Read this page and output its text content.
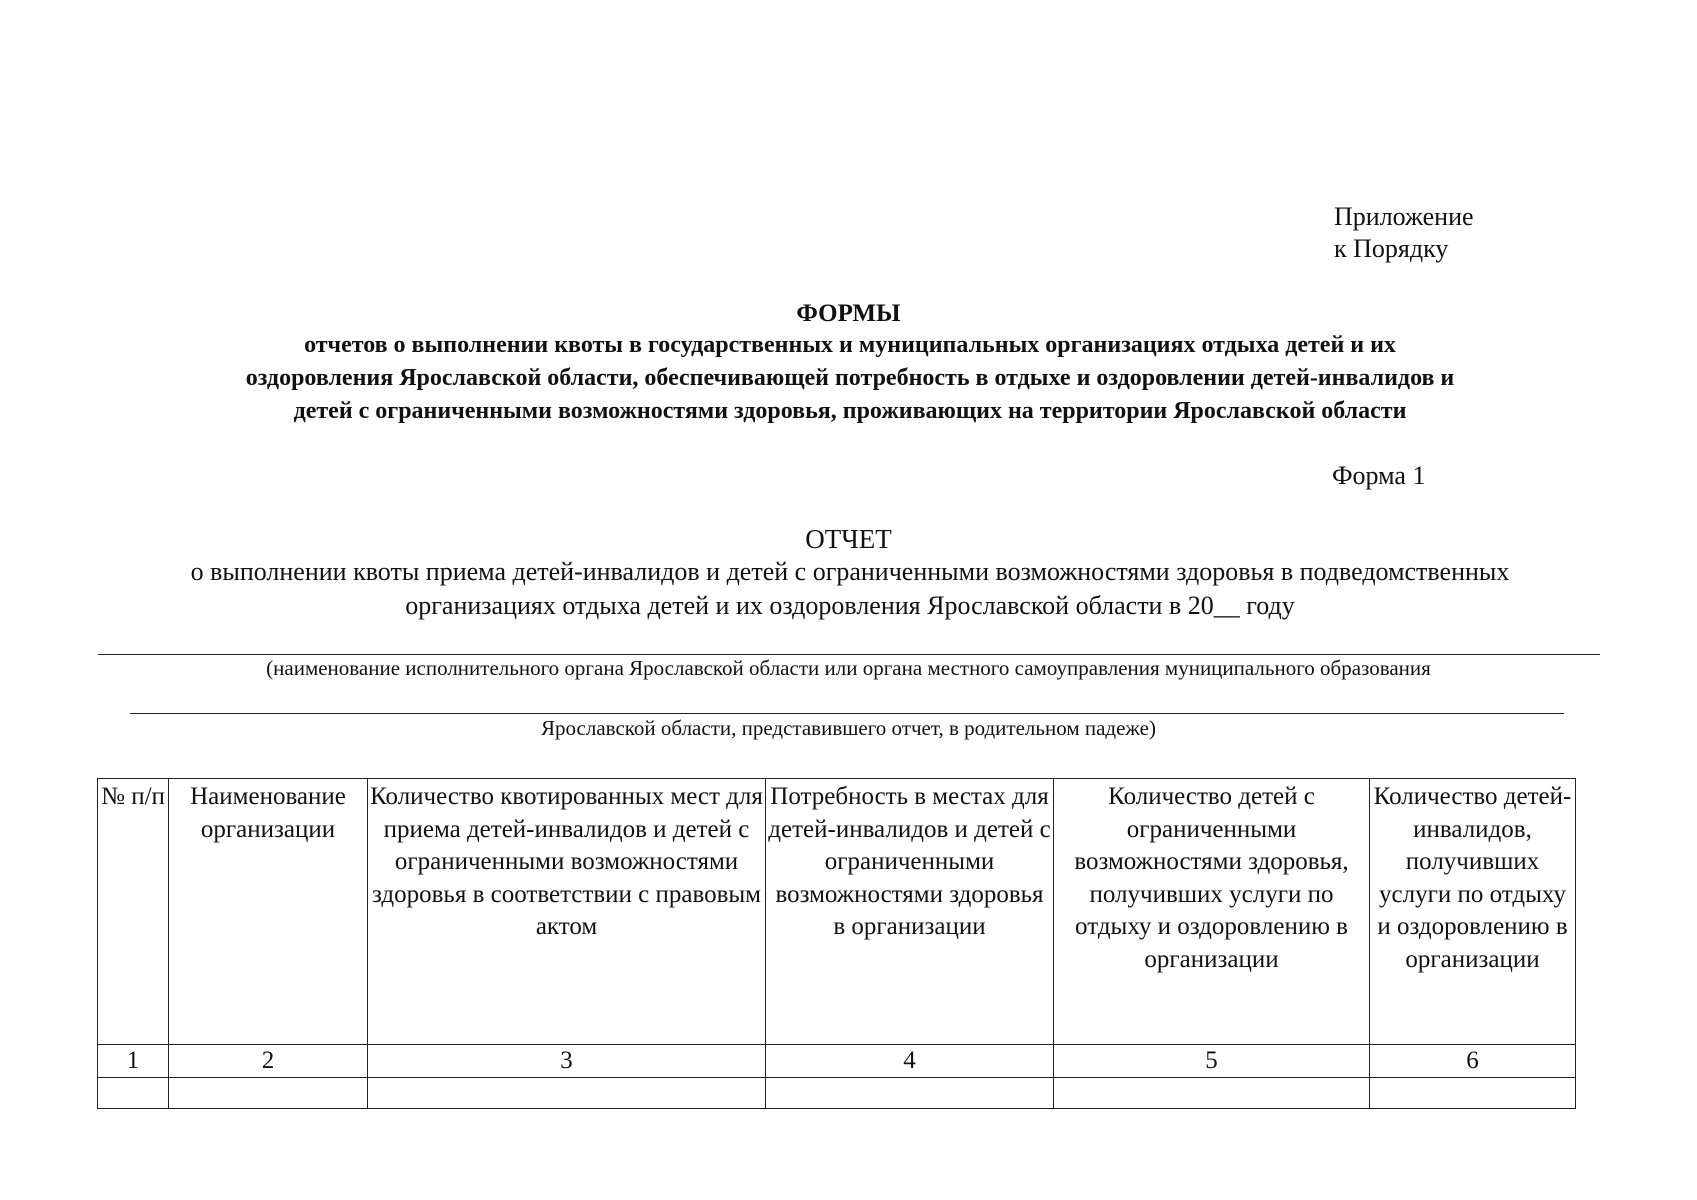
Приложение
к Порядку
ФОРМЫ
отчетов о выполнении квоты в государственных и муниципальных организациях отдыха детей и их
оздоровления Ярославской области, обеспечивающей потребность в отдыхе и оздоровлении детей-инвалидов и
детей с ограниченными возможностями здоровья, проживающих на территории Ярославской области
Форма 1
ОТЧЕТ
о выполнении квоты приема детей-инвалидов и детей с ограниченными возможностями здоровья в подведомственных
организациях отдыха детей и их оздоровления Ярославской области в 20__ году
(наименование исполнительного органа Ярославской области или органа местного самоуправления муниципального образования
Ярославской области, представившего отчет, в родительном падеже)
№ п/п	Наименование организации	Количество квотированных мест для приема детей-инвалидов и детей с ограниченными возможностями здоровья в соответствии с правовым актом	Потребность в местах для детей-инвалидов и детей с ограниченными возможностями здоровья в организации	Количество детей с ограниченными возможностями здоровья, получивших услуги по отдыху и оздоровлению в организации	Количество детей-инвалидов, получивших услуги по отдыху и оздоровлению в организации

1	2	3	4	5	6
